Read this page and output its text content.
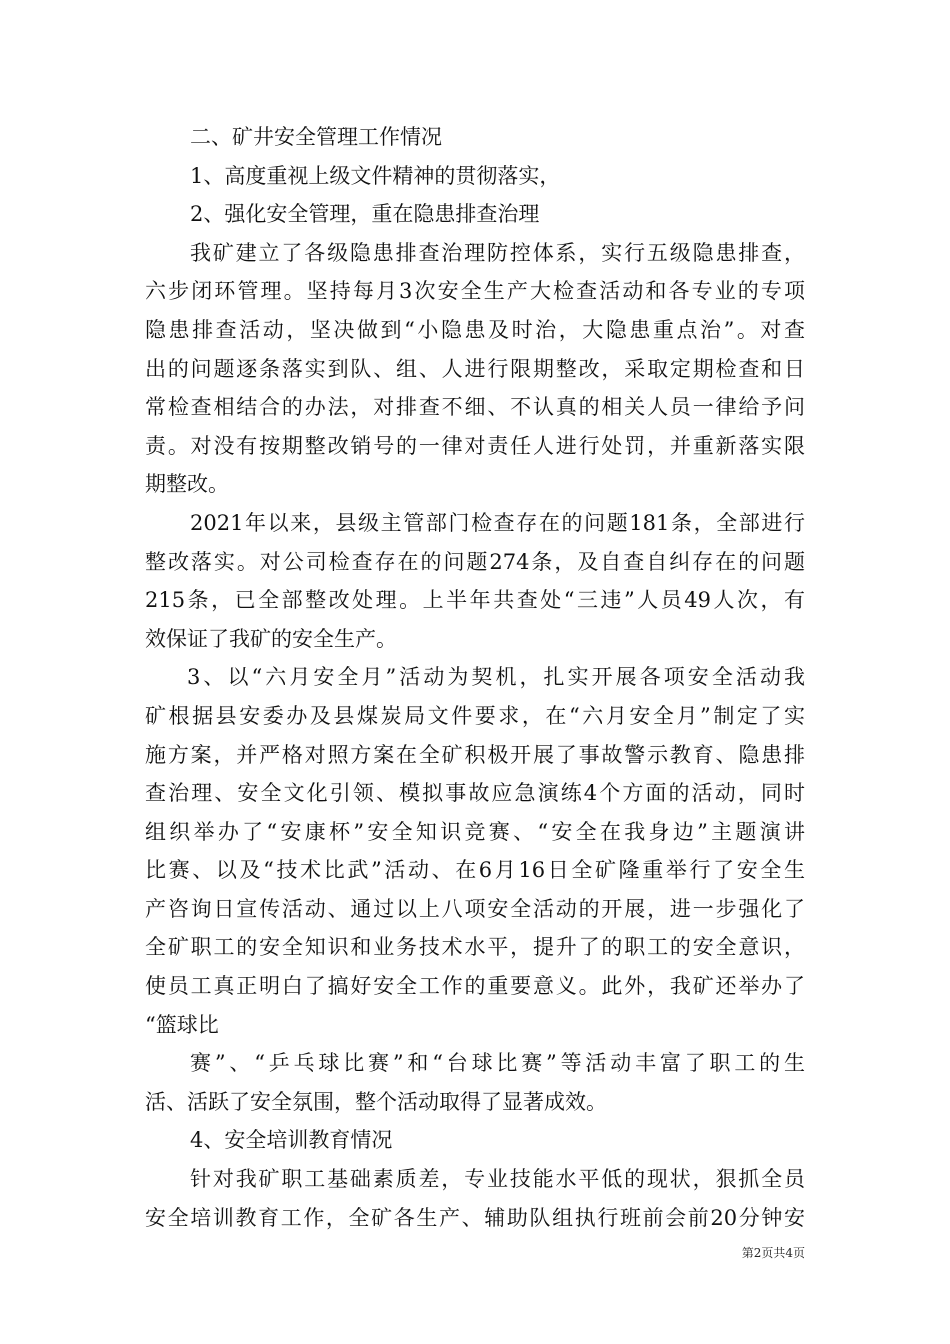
二、矿井安全管理工作情况
1、高度重视上级文件精神的贯彻落实，
2、强化安全管理，重在隐患排查治理
我矿建立了各级隐患排查治理防控体系，实行五级隐患排查，
六步闭环管理。坚持每月3次安全生产大检查活动和各专业的专项
隐患排查活动，坚决做到“小隐患及时治，大隐患重点治”。对查
出的问题逐条落实到队、组、人进行限期整改，采取定期检查和日
常检查相结合的办法，对排查不细、不认真的相关人员一律给予问
责。对没有按期整改销号的一律对责任人进行处罚，并重新落实限
期整改。
2021年以来，县级主管部门检查存在的问题181条，全部进行
整改落实。对公司检查存在的问题274条，及自查自纠存在的问题
215条，已全部整改处理。上半年共查处“三违”人员49人次，有
效保证了我矿的安全生产。
3、以“六月安全月”活动为契机，扎实开展各项安全活动我
矿根据县安委办及县煤炭局文件要求，在“六月安全月”制定了实
施方案，并严格对照方案在全矿积极开展了事故警示教育、隐患排
查治理、安全文化引领、模拟事故应急演练4个方面的活动，同时
组织举办了“安康杯”安全知识竞赛、“安全在我身边”主题演讲
比赛、以及“技术比武”活动、在6月16日全矿隆重举行了安全生
产咨询日宣传活动、通过以上八项安全活动的开展，进一步强化了
全矿职工的安全知识和业务技术水平，提升了的职工的安全意识，
使员工真正明白了搞好安全工作的重要意义。此外，我矿还举办了
“篮球比
赛”、“乒乓球比赛”和“台球比赛”等活动丰富了职工的生
活、活跃了安全氛围，整个活动取得了显著成效。
4、安全培训教育情况
针对我矿职工基础素质差，专业技能水平低的现状，狠抓全员
安全培训教育工作，全矿各生产、辅助队组执行班前会前20分钟安
第2页共4页
